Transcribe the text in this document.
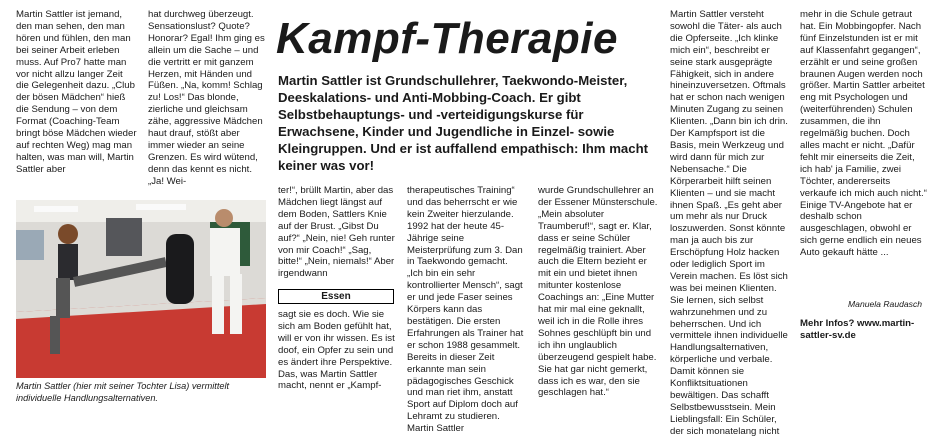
Martin Sattler ist jemand, den man sehen, den man hören und fühlen, den man bei seiner Arbeit erleben muss. Auf Pro7 hatte man vor nicht allzu langer Zeit die Gelegenheit dazu. „Club der bösen Mädchen“ hieß die Sendung – von dem Format (Coaching-Team bringt böse Mädchen wieder auf rechten Weg) mag man halten, was man will, Martin Sattler aber

hat durchweg überzeugt. Sensationslust? Quote? Honorar? Egal! Ihm ging es allein um die Sache – und die vertritt er mit ganzem Herzen, mit Händen und Füßen. „Na, komm! Schlag zu! Los!“ Das blonde, zierliche und gleichsam zähe, aggressive Mädchen haut drauf, stößt aber immer wieder an seine Grenzen. Es wird wütend, denn das kennt es nicht. „Ja! Wei-

Kampf-Therapie

Martin Sattler ist Grundschullehrer, Taekwondo-Meister, Deeskalations- und Anti-Mobbing-Coach. Er gibt Selbstbehauptungs- und -verteidigungskurse für Erwachsene, Kinder und Jugendliche in Einzel- sowie Kleingruppen. Und er ist auffallend empathisch: Ihm macht keiner was vor!

Martin Sattler (hier mit seiner Tochter Lisa) vermittelt individuelle Handlungsalternativen.

ter!“, brüllt Martin, aber das Mädchen liegt längst auf dem Boden, Sattlers Knie auf der Brust. „Gibst Du auf?“ „Nein, nie! Geh runter von mir Coach!“ „Sag, bitte!“ „Nein, niemals!“ Aber irgendwann

Essen

sagt sie es doch. Wie sie sich am Boden gefühlt hat, will er von ihr wissen. Es ist doof, ein Opfer zu sein und es ändert ihre Perspektive.
Das, was Martin Sattler macht, nennt er „Kampf-

therapeutisches Training“ und das beherrscht er wie kein Zweiter hierzulande. 1992 hat der heute 45-Jährige seine Meisterprüfung zum 3. Dan in Taekwondo gemacht. „Ich bin ein sehr kontrollierter Mensch“, sagt er und jede Faser seines Körpers kann das bestätigen. Die ersten Erfahrungen als Trainer hat er schon 1988 gesammelt. Bereits in dieser Zeit erkannte man sein pädagogisches Geschick und man riet ihm, anstatt Sport auf Diplom doch auf Lehramt zu studieren. Martin Sattler

wurde Grundschullehrer an der Essener Münsterschule. „Mein absoluter Traumberuf!“, sagt er. Klar, dass er seine Schüler regelmäßig trainiert. Aber auch die Eltern bezieht er mit ein und bietet ihnen mitunter kostenlose Coachings an: „Eine Mutter hat mir mal eine geknallt, weil ich in die Rolle ihres Sohnes geschlüpft bin und ich ihn unglaublich überzeugend gespielt habe. Sie hat gar nicht gemerkt, dass ich es war, den sie geschlagen hat.“

Martin Sattler versteht sowohl die Täter- als auch die Opferseite. „Ich klinke mich ein“, beschreibt er seine stark ausgeprägte Fähigkeit, sich in andere hineinzuversetzen. Oftmals hat er schon nach wenigen Minuten Zugang zu seinen Klienten. „Dann bin ich drin. Der Kampfsport ist die Basis, mein Werkzeug und wird dann für mich zur Nebensache.“ Die Körperarbeit hilft seinen Klienten – und sie macht ihnen Spaß. „Es geht aber um mehr als nur Druck loszuwerden. Sonst könnte man ja auch bis zur Erschöpfung Holz hacken oder lediglich Sport im Verein machen. Es löst sich was bei meinen Klienten. Sie lernen, sich selbst wahrzunehmen und zu beherrschen. Und ich vermittele ihnen individuelle Handlungsalternativen, körperliche und verbale. Damit können sie Konfliktsituationen bewältigen. Das schafft Selbstbewusstsein. Mein Lieblingsfall: Ein Schüler, der sich monatelang nicht

mehr in die Schule getraut hat. Ein Mobbingopfer. Nach fünf Einzelstunden ist er mit auf Klassenfahrt gegangen“, erzählt er und seine großen braunen Augen werden noch größer. Martin Sattler arbeitet eng mit Psychologen und (weiterführenden) Schulen zusammen, die ihn regelmäßig buchen. Doch alles macht er nicht. „Dafür fehlt mir einerseits die Zeit, ich hab' ja Familie, zwei Töchter, andererseits verkaufe ich mich auch nicht.“ Einige TV-Angebote hat er deshalb schon ausgeschlagen, obwohl er sich gerne endlich ein neues Auto gekauft hätte ...

Manuela Raudasch

Mehr Infos? www.martin-sattler-sv.de
